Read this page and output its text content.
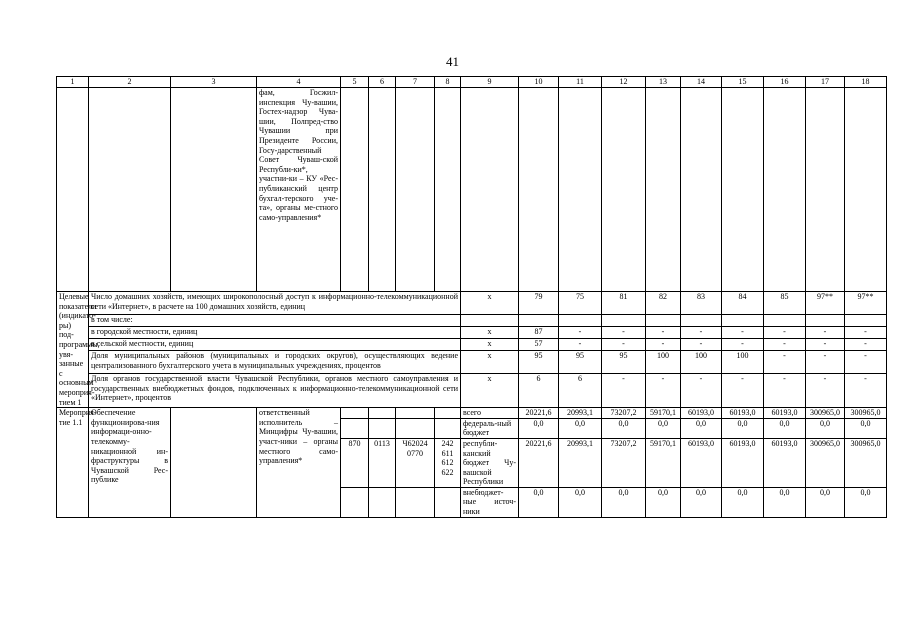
41
1	2	3	4	5	6	7	8	9	10	11	12	13	14	15	16	17	18
			фам, Госжил-инспекция Чу-вашии, Гостех-надзор Чува-шии, Полпред-ство Чувашии при Президенте России, Госу-дарственный Совет Чуваш-ской Республи-ки*, участни-ки – КУ «Рес-публиканский центр бухгал-терского уче-та», органы ме-стного само-управления*														
Целевые показатели (индикато-ры) под-программы, увя-занные с основным мероприя-тием 1	Число домашних хозяйств, имеющих широкополосный доступ к информационно-телекоммуникационной сети «Интернет», в расчете на 100 домашних хозяйств, единиц							х	79	75	81	82	83	84	85	97**	97**
	в том числе:																
	в городской местности, единиц							х	87	-	-	-	-	-	-	-	-
	в сельской местности, единиц							х	57	-	-	-	-	-	-	-	-
	Доля муниципальных районов (муниципальных и городских округов), осуществляющих ведение централизованного бухгалтерского учета в муниципальных учреждениях, процентов							х	95	95	95	100	100	100	-	-	-
	Доля органов государственной власти Чувашской Республики, органов местного самоуправления и государственных внебюджетных фондов, подключенных к информационно-телекоммуникационной сети «Интернет», процентов							х	6	6	-	-	-	-	-	-	-
Мероприя-тие 1.1	Обеспечение функционирова-ния информаци-онно-телекомму-никационной ин-фраструктуры в Чувашской Рес-публике		ответственный исполнитель – Минцифры Чу-вашии, участ-ники – органы местного само-управления*					всего	20221,6	20993,1	73207,2	59170,1	60193,0	60193,0	60193,0	300965,0	300965,0
								федераль-ный бюджет	0,0	0,0	0,0	0,0	0,0	0,0	0,0	0,0	0,0
				870	0113	Ч62024 0770	242
611
612
622	республи-канский бюджет Чу-вашской Республики	20221,6	20993,1	73207,2	59170,1	60193,0	60193,0	60193,0	300965,0	300965,0
								внебюджет-ные источ-ники	0,0	0,0	0,0	0,0	0,0	0,0	0,0	0,0	0,0
